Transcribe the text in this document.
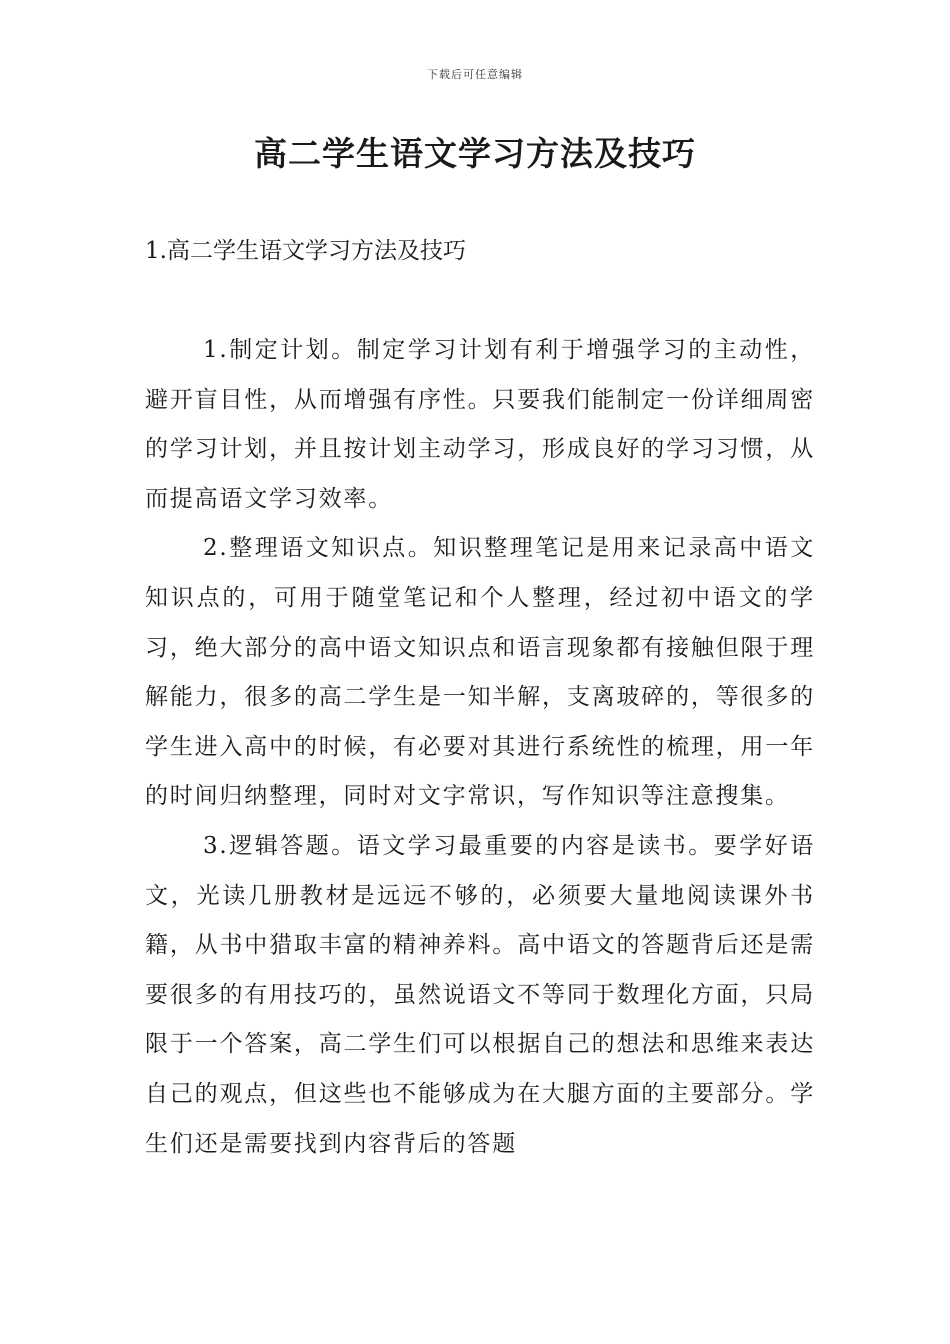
下载后可任意编辑
高二学生语文学习方法及技巧
1.高二学生语文学习方法及技巧

1.制定计划。制定学习计划有利于增强学习的主动性，避开盲目性，从而增强有序性。只要我们能制定一份详细周密的学习计划，并且按计划主动学习，形成良好的学习习惯，从而提高语文学习效率。

2.整理语文知识点。知识整理笔记是用来记录高中语文知识点的，可用于随堂笔记和个人整理，经过初中语文的学习，绝大部分的高中语文知识点和语言现象都有接触但限于理解能力，很多的高二学生是一知半解，支离玻碎的，等很多的学生进入高中的时候，有必要对其进行系统性的梳理，用一年的时间归纳整理，同时对文字常识，写作知识等注意搜集。

3.逻辑答题。语文学习最重要的内容是读书。要学好语文，光读几册教材是远远不够的，必须要大量地阅读课外书籍，从书中猎取丰富的精神养料。高中语文的答题背后还是需要很多的有用技巧的，虽然说语文不等同于数理化方面，只局限于一个答案，高二学生们可以根据自己的想法和思维来表达自己的观点，但这些也不能够成为在大腿方面的主要部分。学生们还是需要找到内容背后的答题
